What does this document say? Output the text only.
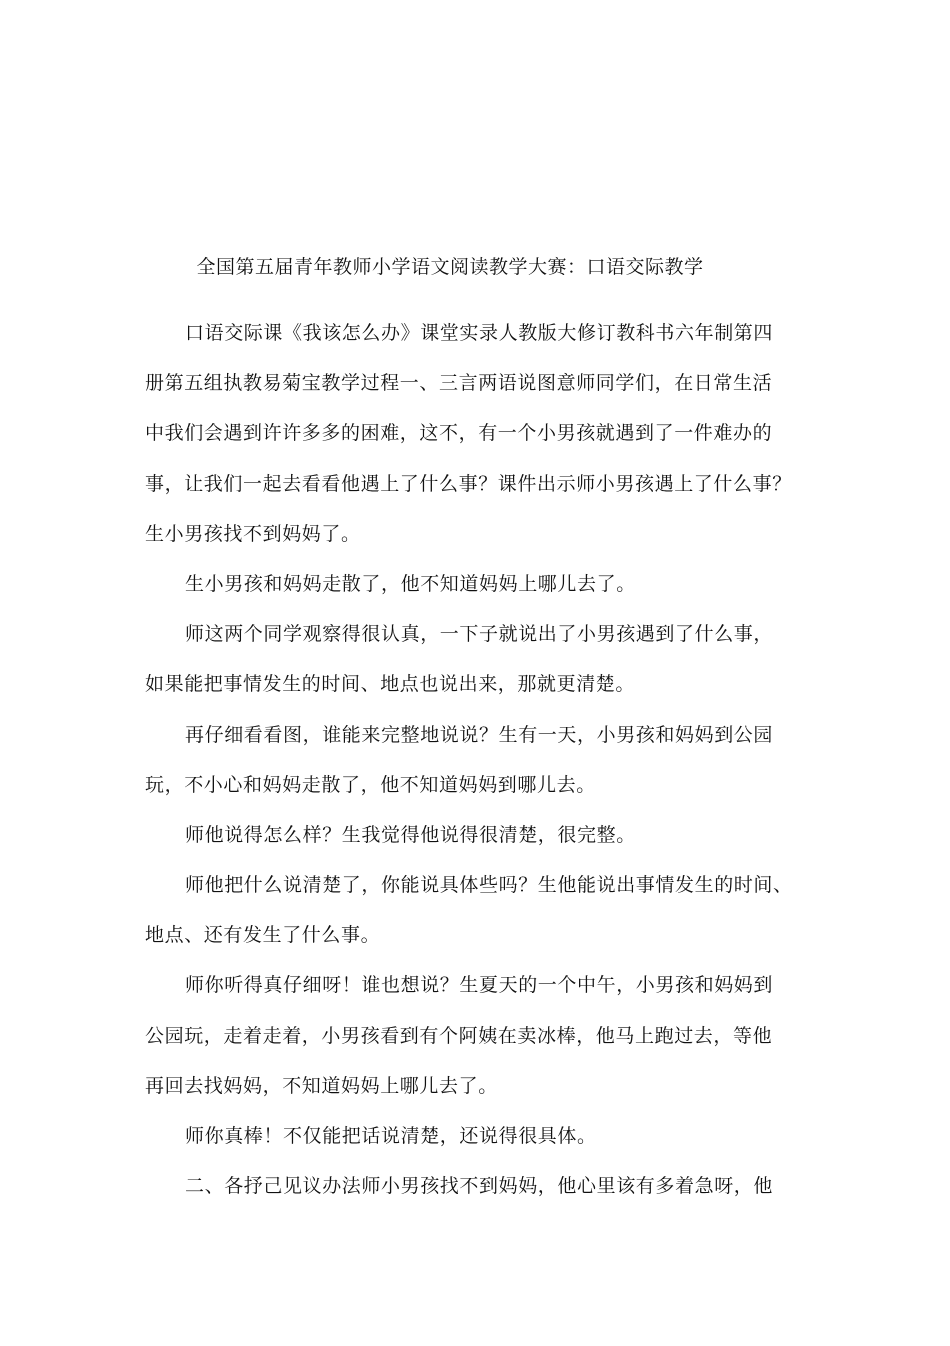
全国第五届青年教师小学语文阅读教学大赛：口语交际教学
口语交际课《我该怎么办》课堂实录人教版大修订教科书六年制第四
册第五组执教易菊宝教学过程一、三言两语说图意师同学们，在日常生活
中我们会遇到许许多多的困难，这不，有一个小男孩就遇到了一件难办的
事，让我们一起去看看他遇上了什么事？课件出示师小男孩遇上了什么事？
生小男孩找不到妈妈了。
生小男孩和妈妈走散了，他不知道妈妈上哪儿去了。
师这两个同学观察得很认真，一下子就说出了小男孩遇到了什么事，
如果能把事情发生的时间、地点也说出来，那就更清楚。
再仔细看看图，谁能来完整地说说？生有一天，小男孩和妈妈到公园
玩，不小心和妈妈走散了，他不知道妈妈到哪儿去。
师他说得怎么样？生我觉得他说得很清楚，很完整。
师他把什么说清楚了，你能说具体些吗？生他能说出事情发生的时间、
地点、还有发生了什么事。
师你听得真仔细呀！谁也想说？生夏天的一个中午，小男孩和妈妈到
公园玩，走着走着，小男孩看到有个阿姨在卖冰棒，他马上跑过去，等他
再回去找妈妈，不知道妈妈上哪儿去了。
师你真棒！不仅能把话说清楚，还说得很具体。
二、各抒己见议办法师小男孩找不到妈妈，他心里该有多着急呀，他
